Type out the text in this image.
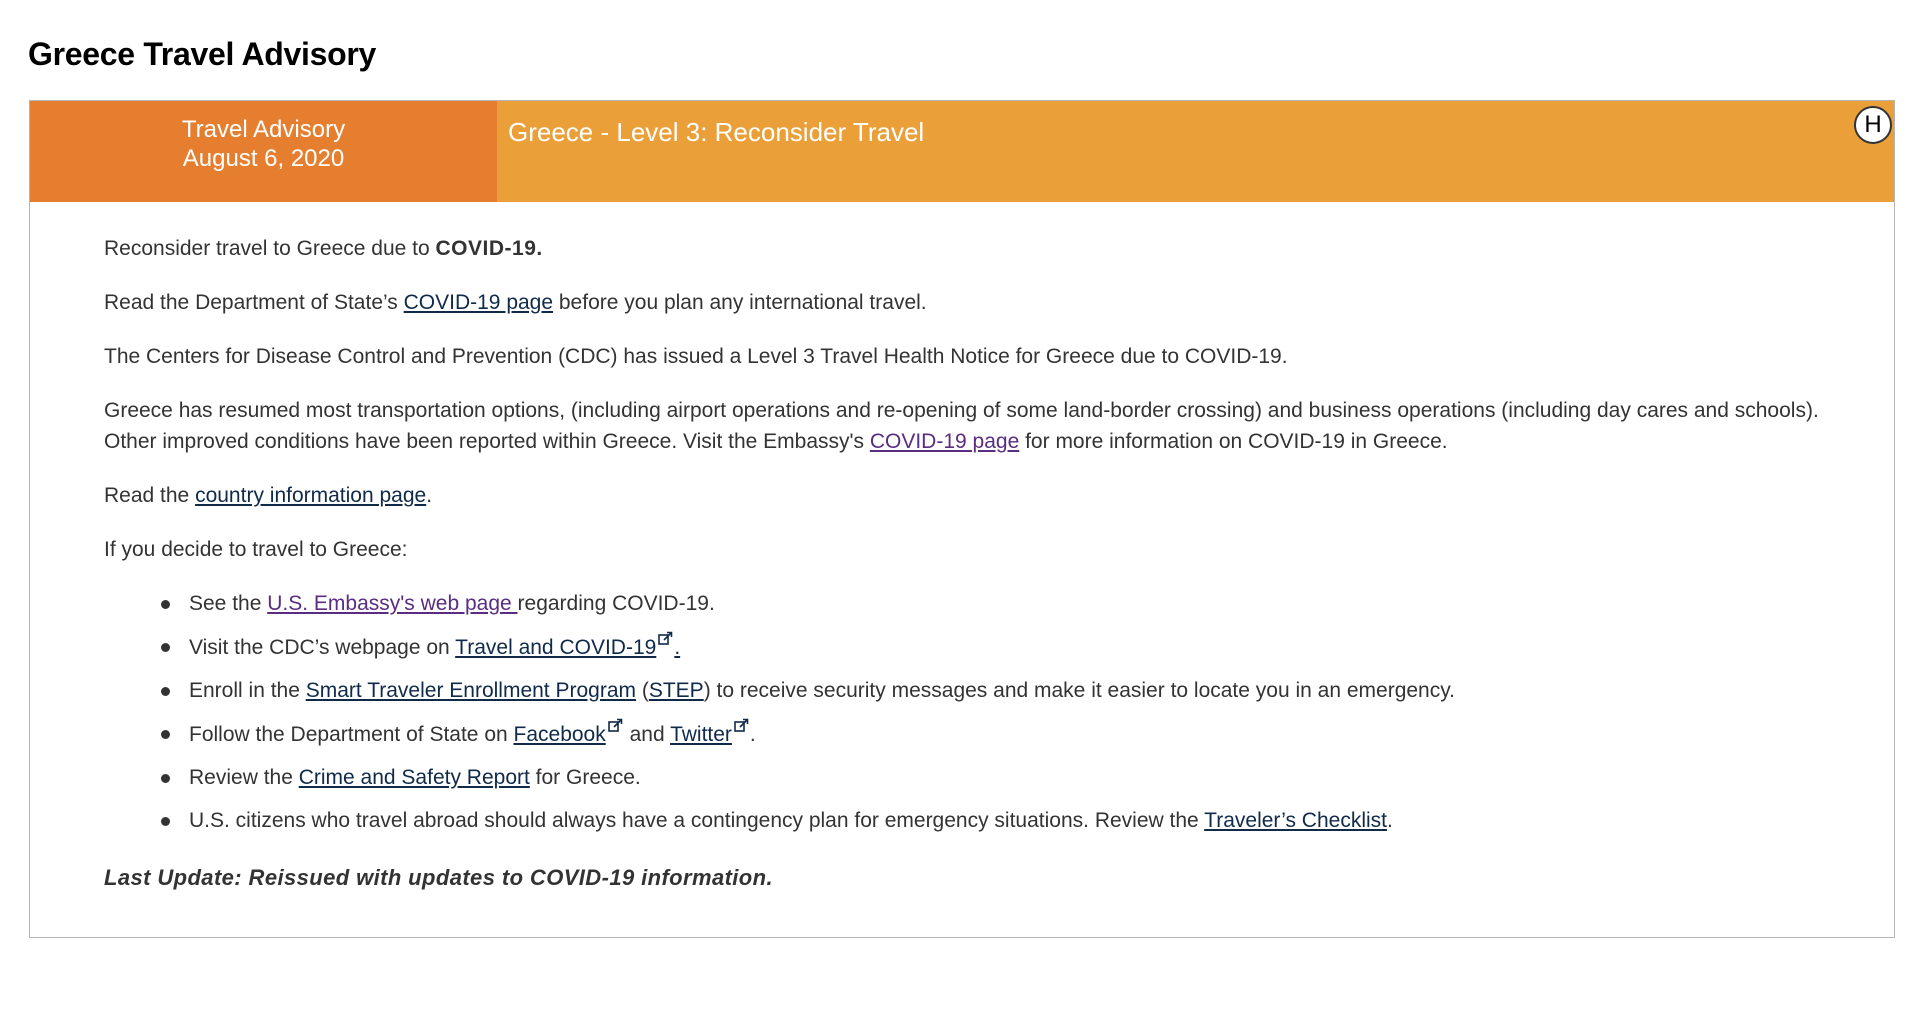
Greece Travel Advisory
Travel Advisory
August 6, 2020
Greece - Level 3: Reconsider Travel	H

Reconsider travel to Greece due to COVID-19.

Read the Department of State’s COVID-19 page before you plan any international travel.

The Centers for Disease Control and Prevention (CDC) has issued a Level 3 Travel Health Notice for Greece due to COVID-19.

Greece has resumed most transportation options, (including airport operations and re-opening of some land-border crossing) and business operations (including day cares and schools).
Other improved conditions have been reported within Greece. Visit the Embassy's COVID-19 page for more information on COVID-19 in Greece.

Read the country information page.

If you decide to travel to Greece:

See the U.S. Embassy's web page regarding COVID-19.
Visit the CDC’s webpage on Travel and COVID-19 .
Enroll in the Smart Traveler Enrollment Program (STEP) to receive security messages and make it easier to locate you in an emergency.
Follow the Department of State on Facebook
and Twitter .
Review the Crime and Safety Report for Greece.
U.S. citizens who travel abroad should always have a contingency plan for emergency situations. Review the Traveler’s Checklist.
Last Update: Reissued with updates to COVID-19 information.
